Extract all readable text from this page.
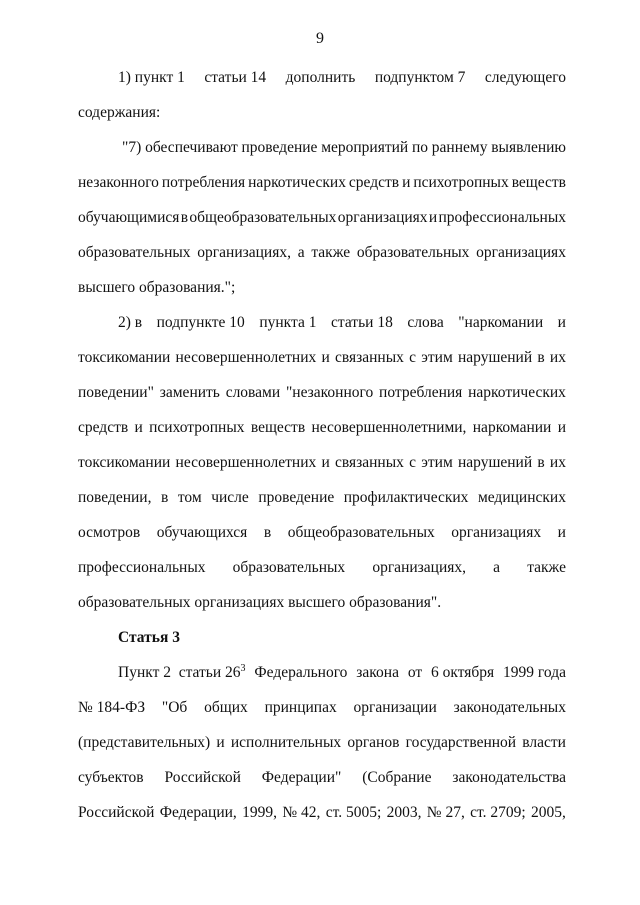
9
1) пункт 1 статьи 14 дополнить подпунктом 7 следующего
содержания:
"7) обеспечивают проведение мероприятий по раннему выявлению
незаконного потребления наркотических средств и психотропных веществ
обучающимися в общеобразовательных организациях и профессиональных
образовательных организациях, а также образовательных организациях
высшего образования.";
2) в подпункте 10 пункта 1 статьи 18 слова "наркомании и
токсикомании несовершеннолетних и связанных с этим нарушений в их
поведении" заменить словами "незаконного потребления наркотических
средств и психотропных веществ несовершеннолетними, наркомании и
токсикомании несовершеннолетних и связанных с этим нарушений в их
поведении, в том числе проведение профилактических медицинских
осмотров обучающихся в общеобразовательных организациях и
профессиональных образовательных организациях, а также
образовательных организациях высшего образования".
Статья 3
Пункт 2  статьи $26^3$ Федерального закона от 6 октября 1999 года
№ 184-ФЗ "Об общих принципах организации законодательных
(представительных) и исполнительных органов государственной власти
субъектов Российской Федерации" (Собрание законодательства
Российской Федерации, 1999, № 42, ст. 5005; 2003, № 27, ст. 2709; 2005,
